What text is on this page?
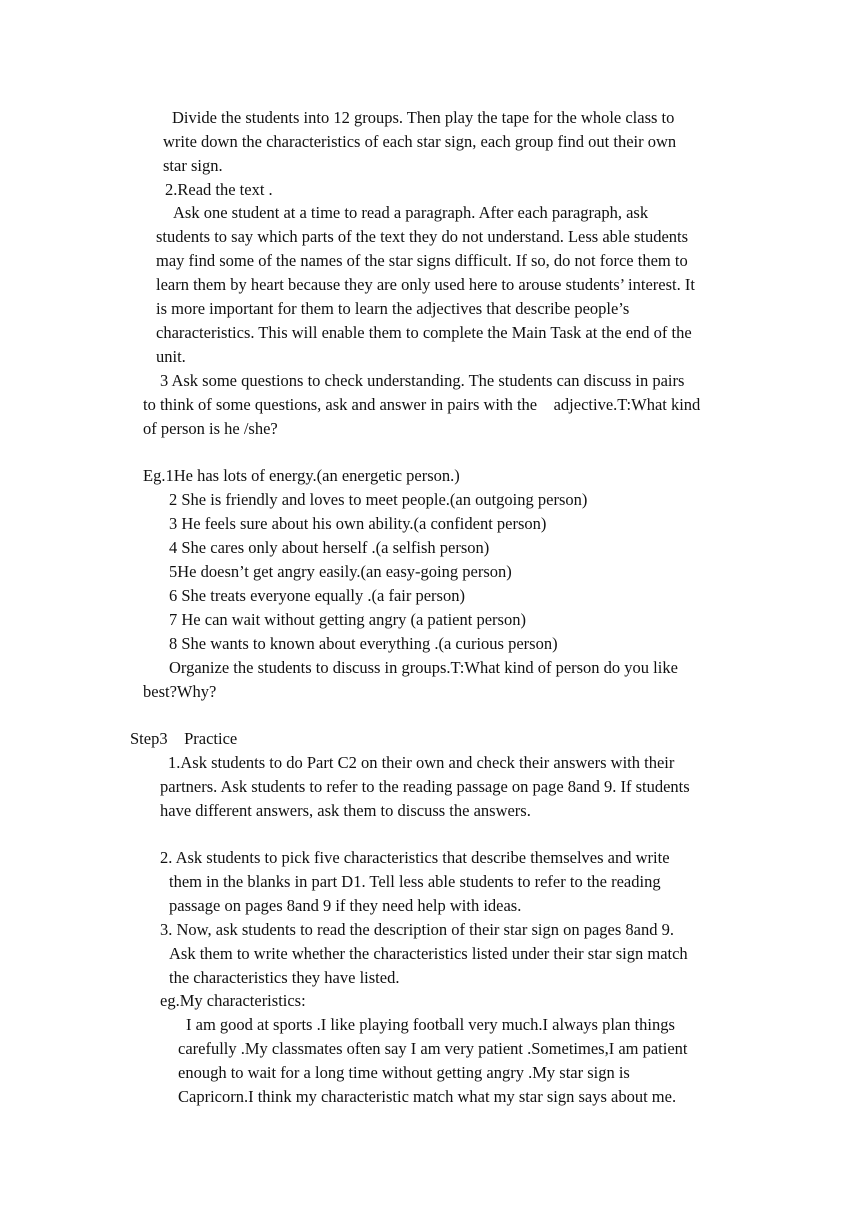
Divide the students into 12 groups. Then play the tape for the whole class to

write down the characteristics of each star sign, each group find out their own

star sign.

2.Read the text .

Ask one student at a time to read a paragraph. After each paragraph, ask

students to say which parts of the text they do not understand. Less able students

may find some of the names of the star signs difficult. If so, do not force them to

learn them by heart because they are only used here to arouse students’ interest. It

is more important for them to learn the adjectives that describe people’s

characteristics. This will enable them to complete the Main Task at the end of the

unit.

3 Ask some questions to check understanding. The students can discuss in pairs

to think of some questions, ask and answer in pairs with the    adjective.T:What kind

of person is he /she?

Eg.1He has lots of energy.(an energetic person.)

2 She is friendly and loves to meet people.(an outgoing person)

3 He feels sure about his own ability.(a confident person)

4 She cares only about herself .(a selfish person)

5He doesn’t get angry easily.(an easy-going person)

6 She treats everyone equally .(a fair person)

7 He can wait without getting angry (a patient person)

8 She wants to known about everything .(a curious person)

Organize the students to discuss in groups.T:What kind of person do you like

best?Why?

Step3    Practice

1.Ask students to do Part C2 on their own and check their answers with their

partners. Ask students to refer to the reading passage on page 8and 9. If students

have different answers, ask them to discuss the answers.

2. Ask students to pick five characteristics that describe themselves and write

them in the blanks in part D1. Tell less able students to refer to the reading

passage on pages 8and 9 if they need help with ideas.

3. Now, ask students to read the description of their star sign on pages 8and 9.

Ask them to write whether the characteristics listed under their star sign match

the characteristics they have listed.

eg.My characteristics:

I am good at sports .I like playing football very much.I always plan things

carefully .My classmates often say I am very patient .Sometimes,I am patient

enough to wait for a long time without getting angry .My star sign is

Capricorn.I think my characteristic match what my star sign says about me.
